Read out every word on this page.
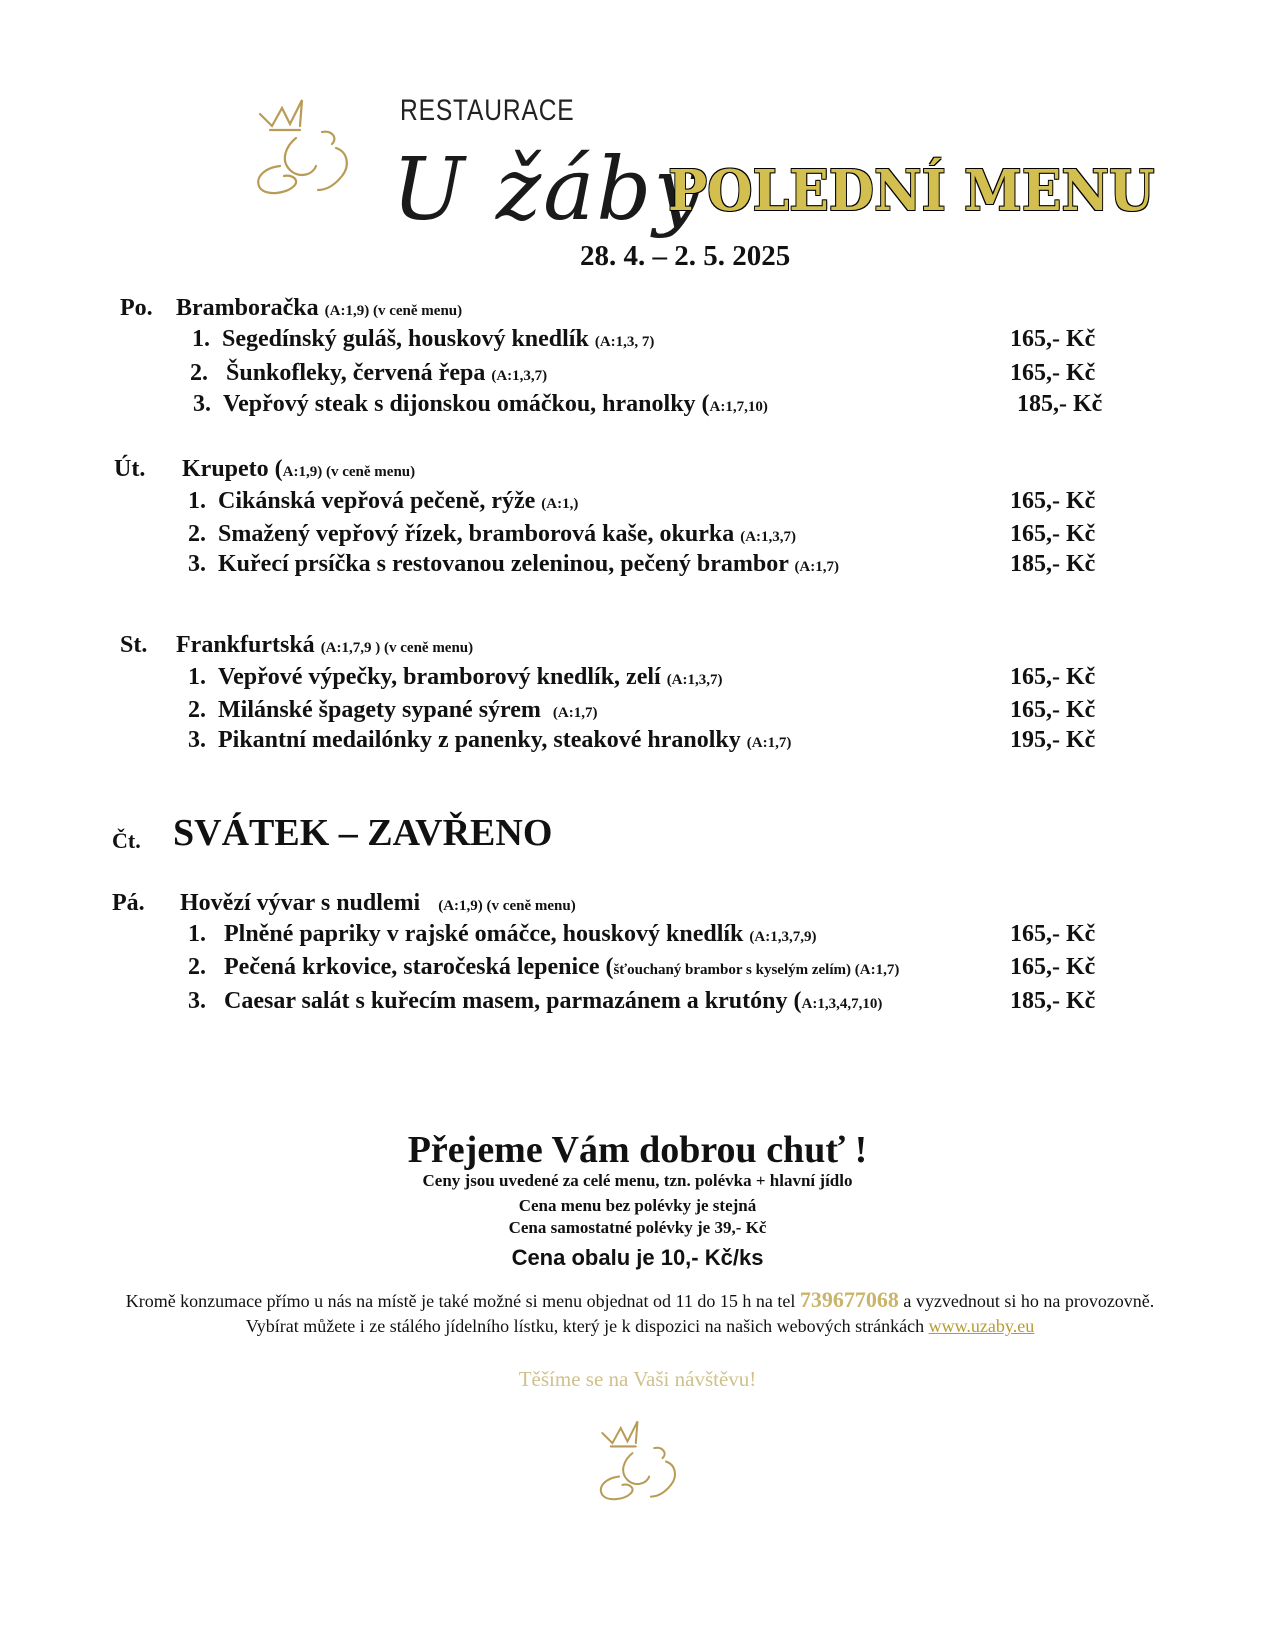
RESTAURACE
U žáby
POLEDNÍ MENU
28. 4. – 2. 5. 2025
Po. Bramboračka (A:1,9) (v ceně menu)
1. Segedínský guláš, houskový knedlík (A:1,3, 7)	165,- Kč
2. Šunkofleky, červená řepa (A:1,3,7)	165,- Kč
3. Vepřový steak s dijonskou omáčkou, hranolky (A:1,7,10)	185,- Kč
Út. Krupeto (A:1,9) (v ceně menu)
1. Cikánská vepřová pečeně, rýže (A:1,)	165,- Kč
2. Smažený vepřový řízek, bramborová kaše, okurka (A:1,3,7)	165,- Kč
3. Kuřecí prsíčka s restovanou zeleninou, pečený brambor (A:1,7)	185,- Kč
St. Frankfurtská (A:1,7,9 ) (v ceně menu)
1. Vepřové výpečky, bramborový knedlík, zelí (A:1,3,7)	165,- Kč
2. Milánské špagety sypané sýrem (A:1,7)	165,- Kč
3. Pikantní medailónky z panenky, steakové hranolky (A:1,7)	195,- Kč
Čt. SVÁTEK – ZAVŘENO
Pá. Hovězí vývar s nudlemi (A:1,9) (v ceně menu)
1. Plněné papriky v rajské omáčce, houskový knedlík (A:1,3,7,9)	165,- Kč
2. Pečená krkovice, staročeská lepenice (šťouchaný brambor s kyselým zelím) (A:1,7)	165,- Kč
3. Caesar salát s kuřecím masem, parmazánem a krutóny (A:1,3,4,7,10)	185,- Kč
Přejeme Vám dobrou chuť !
Ceny jsou uvedené za celé menu, tzn. polévka + hlavní jídlo
Cena menu bez polévky je stejná
Cena samostatné polévky je 39,- Kč
Cena obalu je 10,- Kč/ks
Kromě konzumace přímo u nás na místě je také možné si menu objednat od 11 do 15 h na tel 739677068 a vyzvednout si ho na provozovně. Vybírat můžete i ze stálého jídelního lístku, který je k dispozici na našich webových stránkách www.uzaby.eu
Těšíme se na Vaši návštěvu!
